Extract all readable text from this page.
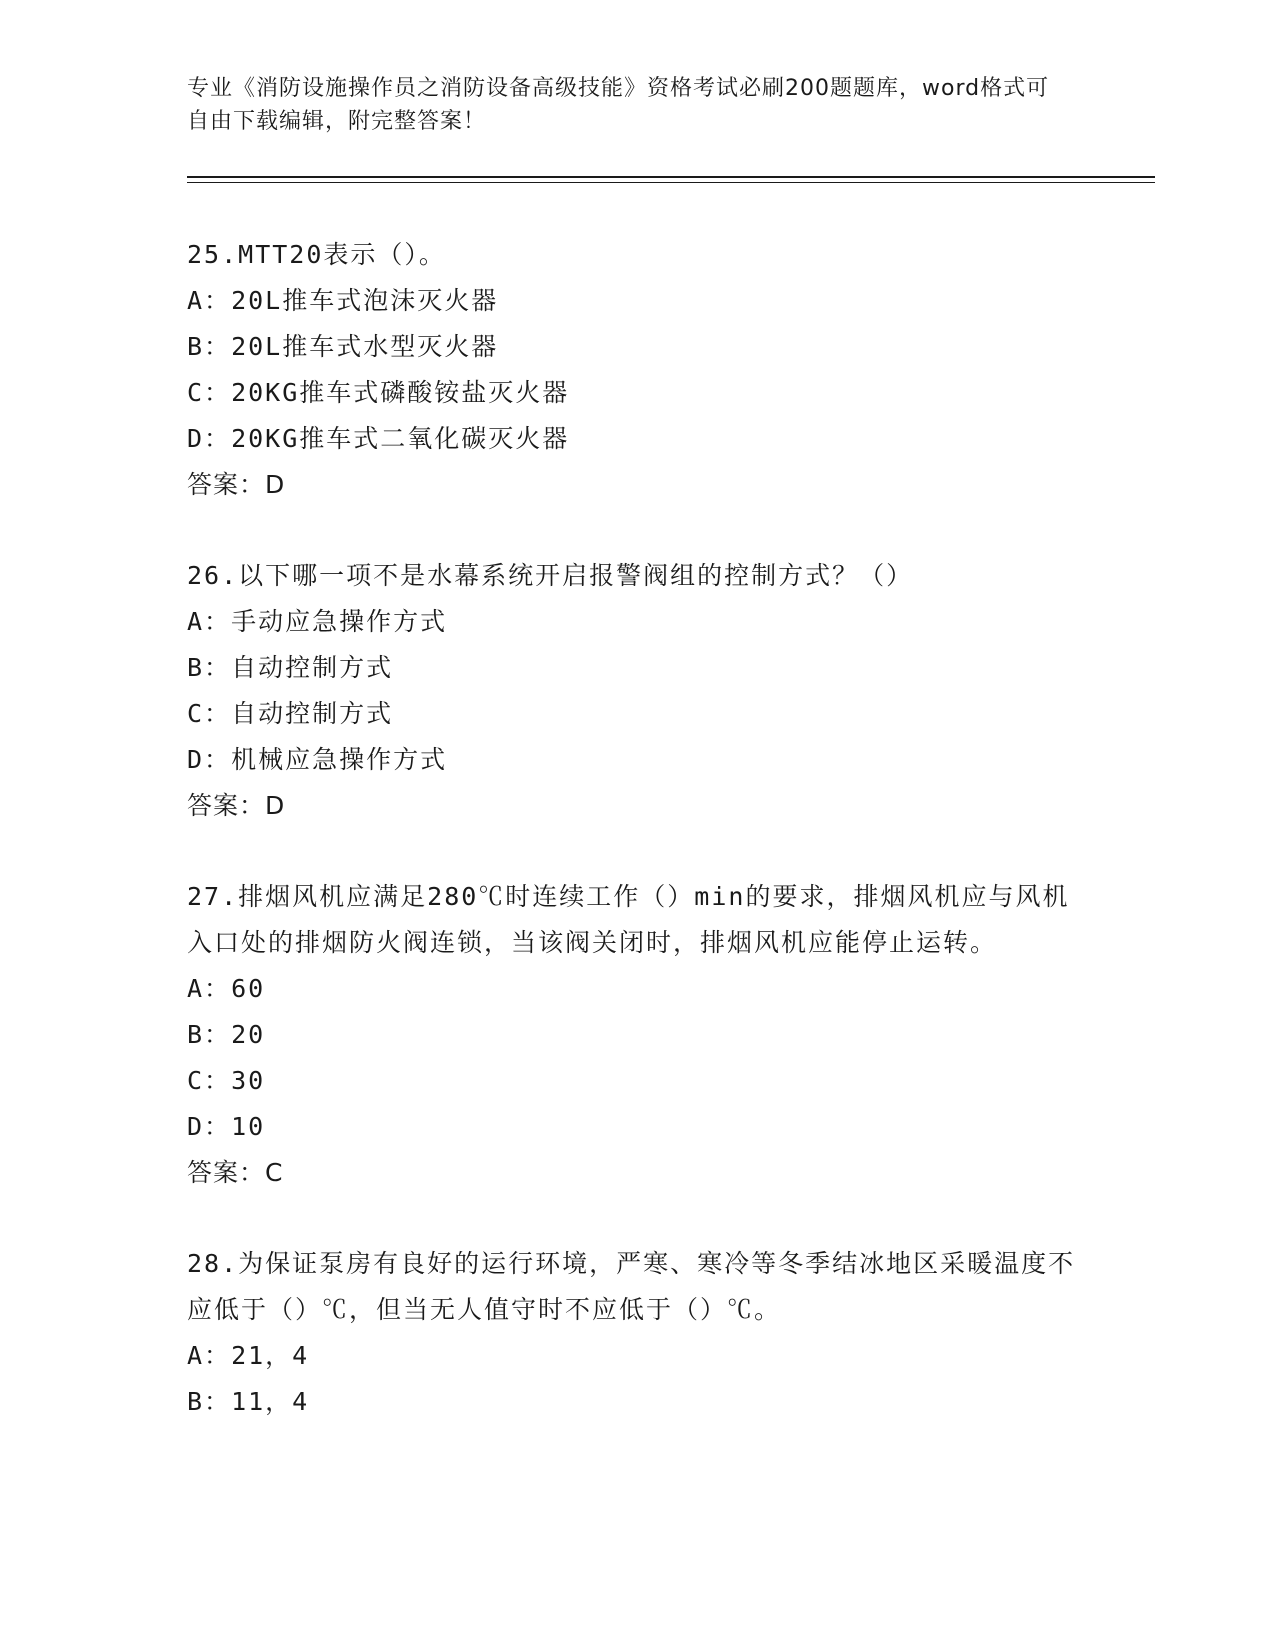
专业《消防设施操作员之消防设备高级技能》资格考试必刷200题题库，word格式可自由下载编辑，附完整答案！
25.MTT20表示（）。
A：20L推车式泡沫灭火器
B：20L推车式水型灭火器
C：20KG推车式磷酸铵盐灭火器
D：20KG推车式二氧化碳灭火器
答案：D
26.以下哪一项不是水幕系统开启报警阀组的控制方式？（）
A：手动应急操作方式
B：自动控制方式
C：自动控制方式
D：机械应急操作方式
答案：D
27.排烟风机应满足280℃时连续工作（）min的要求，排烟风机应与风机入口处的排烟防火阀连锁，当该阀关闭时，排烟风机应能停止运转。
A：60
B：20
C：30
D：10
答案：C
28.为保证泵房有良好的运行环境，严寒、寒冷等冬季结冰地区采暖温度不应低于（）℃，但当无人值守时不应低于（）℃。
A：21，4
B：11，4
